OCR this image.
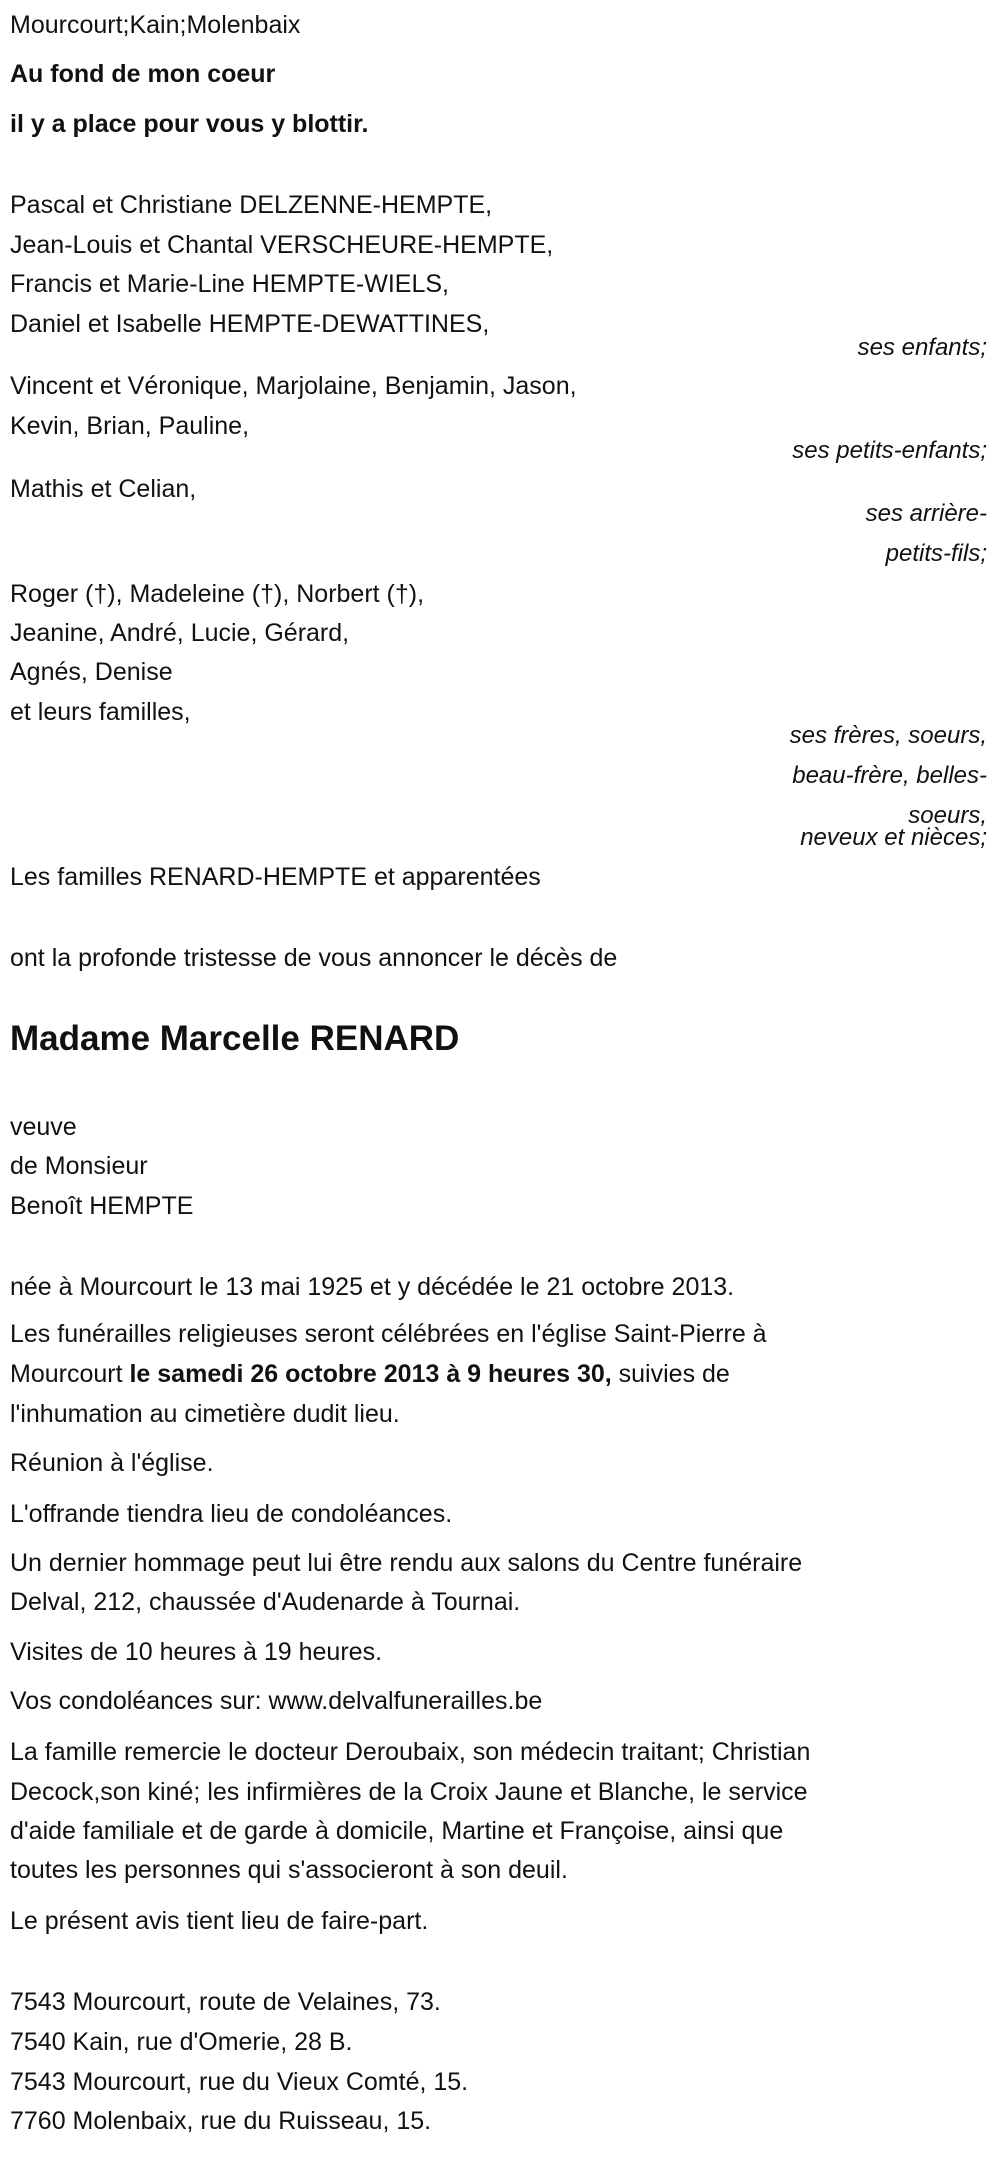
Mourcourt;Kain;Molenbaix
Au fond de mon coeur
il y a place pour vous y blottir.
Pascal et Christiane DELZENNE-HEMPTE,
Jean-Louis et Chantal VERSCHEURE-HEMPTE,
Francis et Marie-Line HEMPTE-WIELS,
Daniel et Isabelle HEMPTE-DEWATTINES,
ses enfants;
Vincent et Véronique, Marjolaine, Benjamin, Jason,
Kevin, Brian, Pauline,
ses petits-enfants;
Mathis et Celian,
ses arrière-
petits-fils;
Roger (†), Madeleine (†), Norbert (†),
Jeanine, André, Lucie, Gérard,
Agnés, Denise
et leurs familles,
ses frères, soeurs,
beau-frère, belles-
soeurs,
neveux et nièces;
Les familles RENARD-HEMPTE et apparentées
ont la profonde tristesse de vous annoncer le décès de
Madame Marcelle RENARD
veuve
de Monsieur
Benoît HEMPTE
née à Mourcourt le 13 mai 1925 et y décédée le 21 octobre 2013.
Les funérailles religieuses seront célébrées en l'église Saint-Pierre à
Mourcourt le samedi 26 octobre 2013 à 9 heures 30, suivies de
l'inhumation au cimetière dudit lieu.
Réunion à l'église.
L'offrande tiendra lieu de condoléances.
Un dernier hommage peut lui être rendu aux salons du Centre funéraire
Delval, 212, chaussée d'Audenarde à Tournai.
Visites de 10 heures à 19 heures.
Vos condoléances sur: www.delvalfunerailles.be
La famille remercie le docteur Deroubaix, son médecin traitant; Christian
Decock,son kiné; les infirmières de la Croix Jaune et Blanche, le service
d'aide familiale et de garde à domicile, Martine et Françoise, ainsi que
toutes les personnes qui s'associeront à son deuil.
Le présent avis tient lieu de faire-part.
7543 Mourcourt, route de Velaines, 73.
7540 Kain, rue d'Omerie, 28 B.
7543 Mourcourt, rue du Vieux Comté, 15.
7760 Molenbaix, rue du Ruisseau, 15.
